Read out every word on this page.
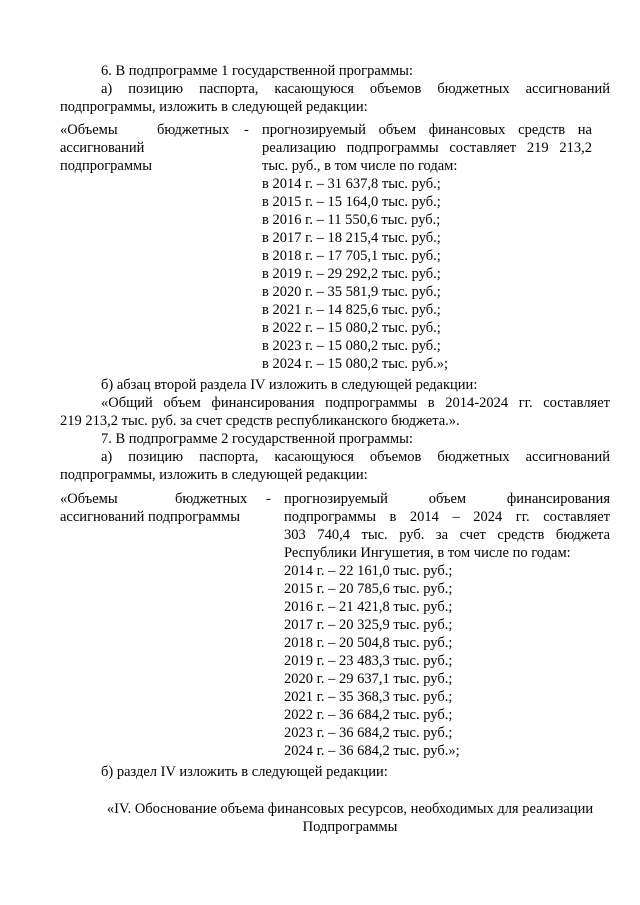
6. В подпрограмме 1 государственной программы:

а) позицию паспорта, касающуюся объемов бюджетных ассигнований

подпрограммы, изложить в следующей редакции:

«Объемы	бюджетных -
ассигнований
подпрограммы
прогнозируемый объем финансовых средств на
реализацию подпрограммы составляет 219 213,2
тыс. руб., в том числе по годам:
в 2014 г. – 31 637,8 тыс. руб.;
в 2015 г. – 15 164,0 тыс. руб.;
в 2016 г. – 11 550,6 тыс. руб.;
в 2017 г. – 18 215,4 тыс. руб.;
в 2018 г. – 17 705,1 тыс. руб.;
в 2019 г. – 29 292,2 тыс. руб.;
в 2020 г. – 35 581,9 тыс. руб.;
в 2021 г. – 14 825,6 тыс. руб.;
в 2022 г. – 15 080,2 тыс. руб.;
в 2023 г. – 15 080,2 тыс. руб.;
в 2024 г. – 15 080,2 тыс. руб.»;

б) абзац второй раздела IV изложить в следующей редакции:

«Общий объем финансирования подпрограммы в 2014-2024 гг. составляет

219 213,2 тыс. руб. за счет средств республиканского бюджета.».

7. В подпрограмме 2 государственной программы:

а) позицию паспорта, касающуюся объемов бюджетных ассигнований

подпрограммы, изложить в следующей редакции:

«Объемы	бюджетных -
ассигнований подпрограммы
прогнозируемый объем финансирования
подпрограммы в 2014 – 2024 гг. составляет
303 740,4 тыс. руб. за счет средств бюджета
Республики Ингушетия, в том числе по годам:
2014 г. – 22 161,0 тыс. руб.;
2015 г. – 20 785,6 тыс. руб.;
2016 г. – 21 421,8 тыс. руб.;
2017 г. – 20 325,9 тыс. руб.;
2018 г. – 20 504,8 тыс. руб.;
2019 г. – 23 483,3 тыс. руб.;
2020 г. – 29 637,1 тыс. руб.;
2021 г. – 35 368,3 тыс. руб.;
2022 г. – 36 684,2 тыс. руб.;
2023 г. – 36 684,2 тыс. руб.;
2024 г. – 36 684,2 тыс. руб.»;

б) раздел IV изложить в следующей редакции:

«IV. Обоснование объема финансовых ресурсов, необходимых для реализации

Подпрограммы
